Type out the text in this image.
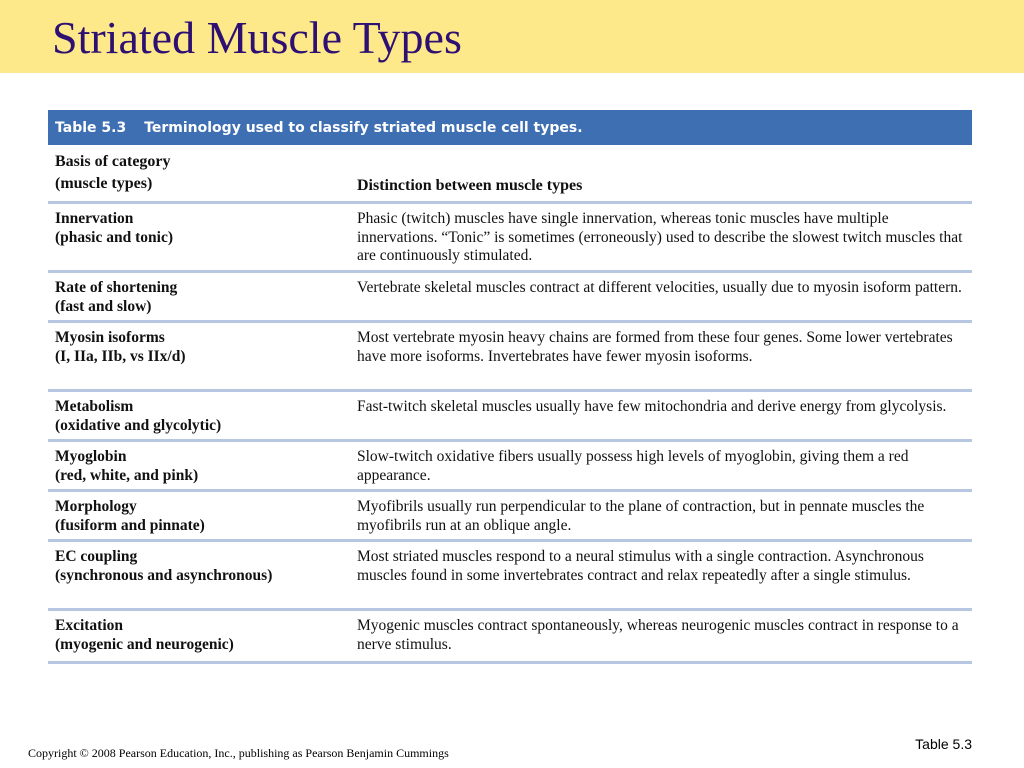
Striated Muscle Types
Table 5.3 Terminology used to classify striated muscle cell types.
Basis of category
(muscle types)	Distinction between muscle types
Innervation
(phasic and tonic)
Phasic (twitch) muscles have single innervation, whereas tonic muscles have multiple innervations. “Tonic” is sometimes (erroneously) used to describe the slowest twitch muscles that are continuously stimulated.
Rate of shortening
(fast and slow)
Vertebrate skeletal muscles contract at different velocities, usually due to myosin isoform pattern.
Myosin isoforms
(I, IIa, IIb, vs IIx/d)
Most vertebrate myosin heavy chains are formed from these four genes. Some lower vertebrates have more isoforms. Invertebrates have fewer myosin isoforms.
Metabolism
(oxidative and glycolytic)
Fast-twitch skeletal muscles usually have few mitochondria and derive energy from glycolysis.
Myoglobin
(red, white, and pink)
Slow-twitch oxidative fibers usually possess high levels of myoglobin, giving them a red appearance.
Morphology
(fusiform and pinnate)
Myofibrils usually run perpendicular to the plane of contraction, but in pennate muscles the myofibrils run at an oblique angle.
EC coupling
(synchronous and asynchronous)
Most striated muscles respond to a neural stimulus with a single contraction. Asynchronous muscles found in some invertebrates contract and relax repeatedly after a single stimulus.
Excitation
(myogenic and neurogenic)
Myogenic muscles contract spontaneously, whereas neurogenic muscles contract in response to a nerve stimulus.
Copyright © 2008 Pearson Education, Inc., publishing as Pearson Benjamin Cummings
Table 5.3
